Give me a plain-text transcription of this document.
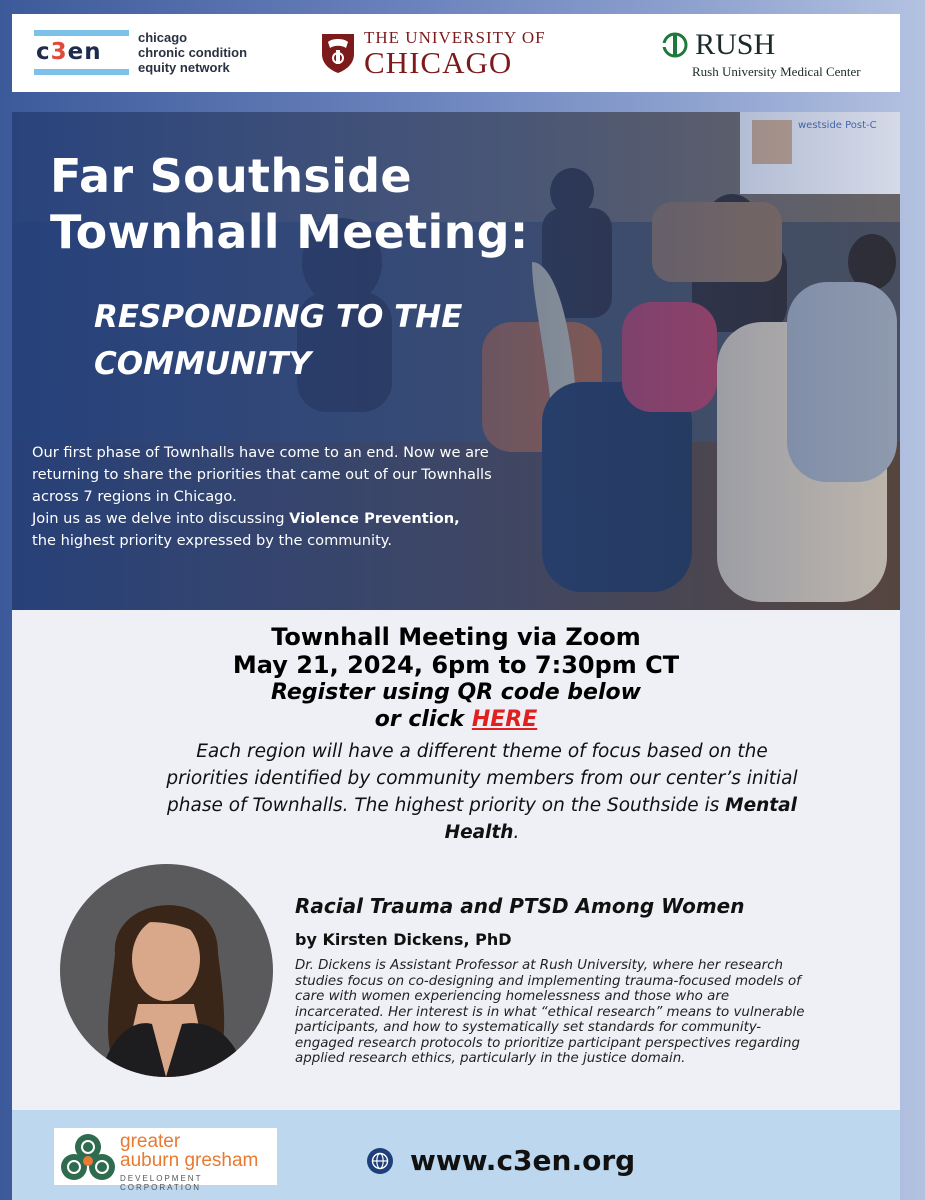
c3en
chicago
chronic condition
equity network
THE UNIVERSITY OF
CHICAGO
RUSH
Rush University Medical Center
Far Southside
Townhall Meeting:
RESPONDING TO THE
COMMUNITY
Our first phase of Townhalls have come to an end. Now we are returning to share the priorities that came out of our Townhalls across 7 regions in Chicago.
Join us as we delve into discussing Violence Prevention,
the highest priority expressed by the community.
Townhall Meeting via Zoom
May 21, 2024, 6pm to 7:30pm CT
Register using QR code below
or click HERE
Each region will have a different theme of focus based on the priorities identified by community members from our center’s initial phase of Townhalls. The highest priority on the Southside is Mental Health.
Racial Trauma and PTSD Among Women
by Kirsten Dickens, PhD
Dr. Dickens is Assistant Professor at Rush University, where her research studies focus on co-designing and implementing trauma-focused models of care with women experiencing homelessness and those who are incarcerated. Her interest is in what “ethical research” means to vulnerable participants, and how to systematically set standards for community-engaged research protocols to prioritize participant perspectives regarding applied research ethics, particularly in the justice domain.
greater
auburn gresham
DEVELOPMENT CORPORATION
www.c3en.org
